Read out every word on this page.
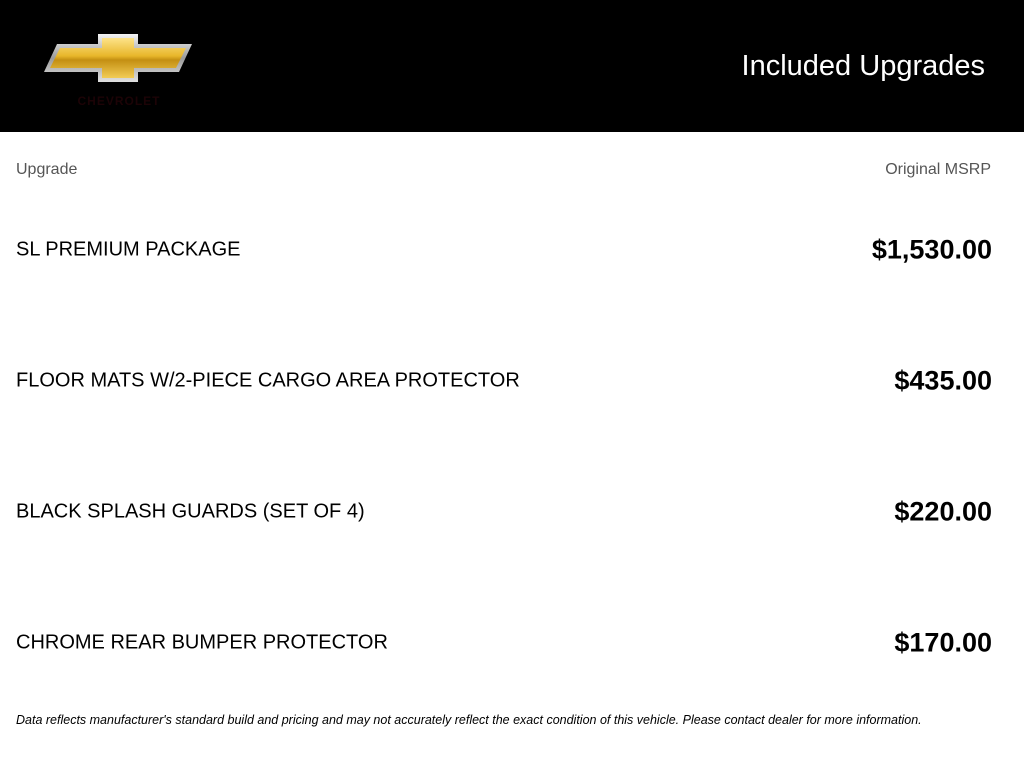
CHEVROLET
Included Upgrades
Upgrade	Original MSRP
SL PREMIUM PACKAGE	$1,530.00
FLOOR MATS W/2-PIECE CARGO AREA PROTECTOR	$435.00
BLACK SPLASH GUARDS (SET OF 4)	$220.00
CHROME REAR BUMPER PROTECTOR	$170.00
Data reflects manufacturer's standard build and pricing and may not accurately reflect the exact condition of this vehicle. Please contact dealer for more information.
